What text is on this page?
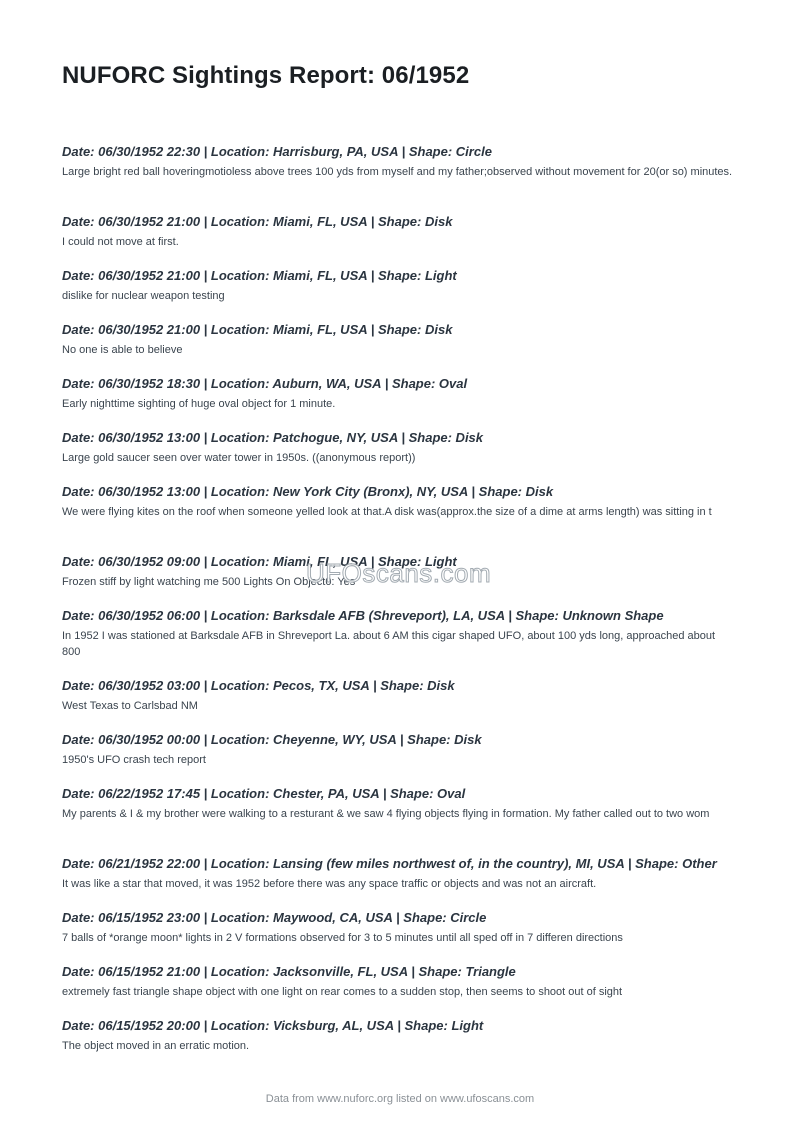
NUFORC Sightings Report: 06/1952
Date: 06/30/1952 22:30 | Location: Harrisburg, PA, USA | Shape: Circle
Large bright red ball hoveringmotioless above trees 100 yds from myself and my father;observed without movement for 20(or so) minutes.
Date: 06/30/1952 21:00 | Location: Miami, FL, USA | Shape: Disk
I could not move at first.
Date: 06/30/1952 21:00 | Location: Miami, FL, USA | Shape: Light
dislike for nuclear weapon testing
Date: 06/30/1952 21:00 | Location: Miami, FL, USA | Shape: Disk
No one is able to believe
Date: 06/30/1952 18:30 | Location: Auburn, WA, USA | Shape: Oval
Early nighttime sighting of huge oval object for 1 minute.
Date: 06/30/1952 13:00 | Location: Patchogue, NY, USA | Shape: Disk
Large gold saucer seen over water tower in 1950s. ((anonymous report))
Date: 06/30/1952 13:00 | Location: New York City (Bronx), NY, USA | Shape: Disk
We were flying kites on the roof when someone yelled look at that.A disk was(approx.the size of a dime at arms length) was sitting in t
Date: 06/30/1952 09:00 | Location: Miami, FL, USA | Shape: Light
Frozen stiff by light watching me 500 Lights On Object0: Yes
Date: 06/30/1952 06:00 | Location: Barksdale AFB (Shreveport), LA, USA | Shape: Unknown Shape
In 1952 I was stationed at Barksdale AFB in Shreveport La. about 6 AM this cigar shaped UFO, about 100 yds long, approached about 800
Date: 06/30/1952 03:00 | Location: Pecos, TX, USA | Shape: Disk
West Texas to Carlsbad NM
Date: 06/30/1952 00:00 | Location: Cheyenne, WY, USA | Shape: Disk
1950's UFO crash tech report
Date: 06/22/1952 17:45 | Location: Chester, PA, USA | Shape: Oval
My parents & I & my brother were walking to a resturant & we saw 4 flying objects flying in formation. My father called out to two wom
Date: 06/21/1952 22:00 | Location: Lansing (few miles northwest of, in the country), MI, USA | Shape: Other
It was like a star that moved, it was 1952 before there was any space traffic or objects and was not an aircraft.
Date: 06/15/1952 23:00 | Location: Maywood, CA, USA | Shape: Circle
7 balls of *orange moon* lights in 2 V formations observed for 3 to 5 minutes until all sped off in 7 differen directions
Date: 06/15/1952 21:00 | Location: Jacksonville, FL, USA | Shape: Triangle
extremely fast triangle shape object with one light on rear comes to a sudden stop, then seems to shoot out of sight
Date: 06/15/1952 20:00 | Location: Vicksburg, AL, USA | Shape: Light
The object moved in an erratic motion.
UFOscans.com
Data from www.nuforc.org listed on www.ufoscans.com
